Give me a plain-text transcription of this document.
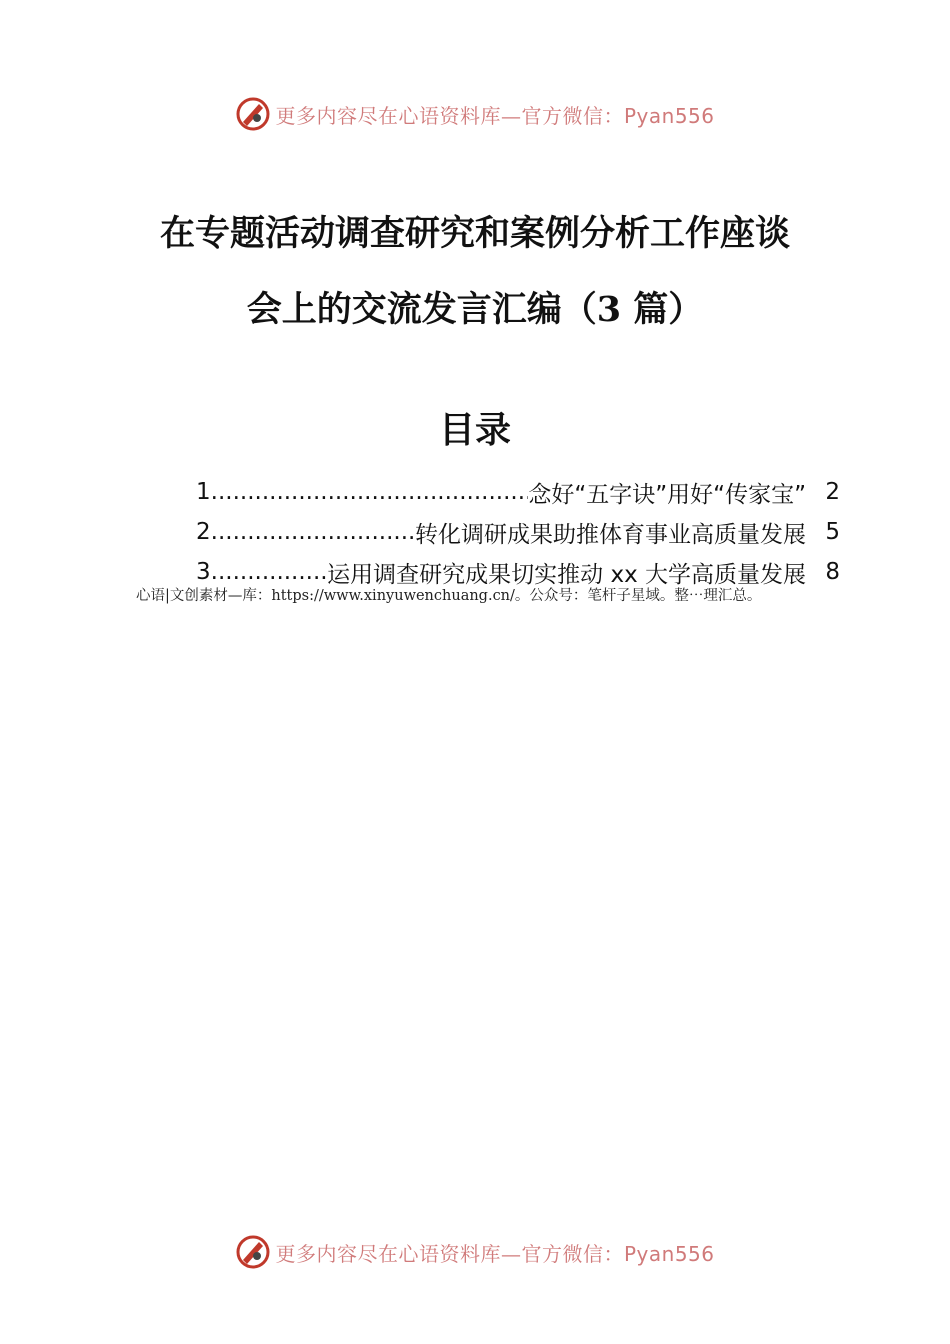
更多内容尽在心语资料库—官方微信：Pyan556
在专题活动调查研究和案例分析工作座谈
会上的交流发言汇编（3 篇）
目录
1 .....	念好“五字诀”用好“传家宝” 2
2 .....	转化调研成果助推体育事业高质量发展 5
3 .....	运用调查研究成果切实推动 xx 大学高质量发展 8
心语|文创素材—库：https://www.xinyuwenchuang.cn/。公众号：笔杆子星域。整⋯理汇总。
更多内容尽在心语资料库—官方微信：Pyan556
